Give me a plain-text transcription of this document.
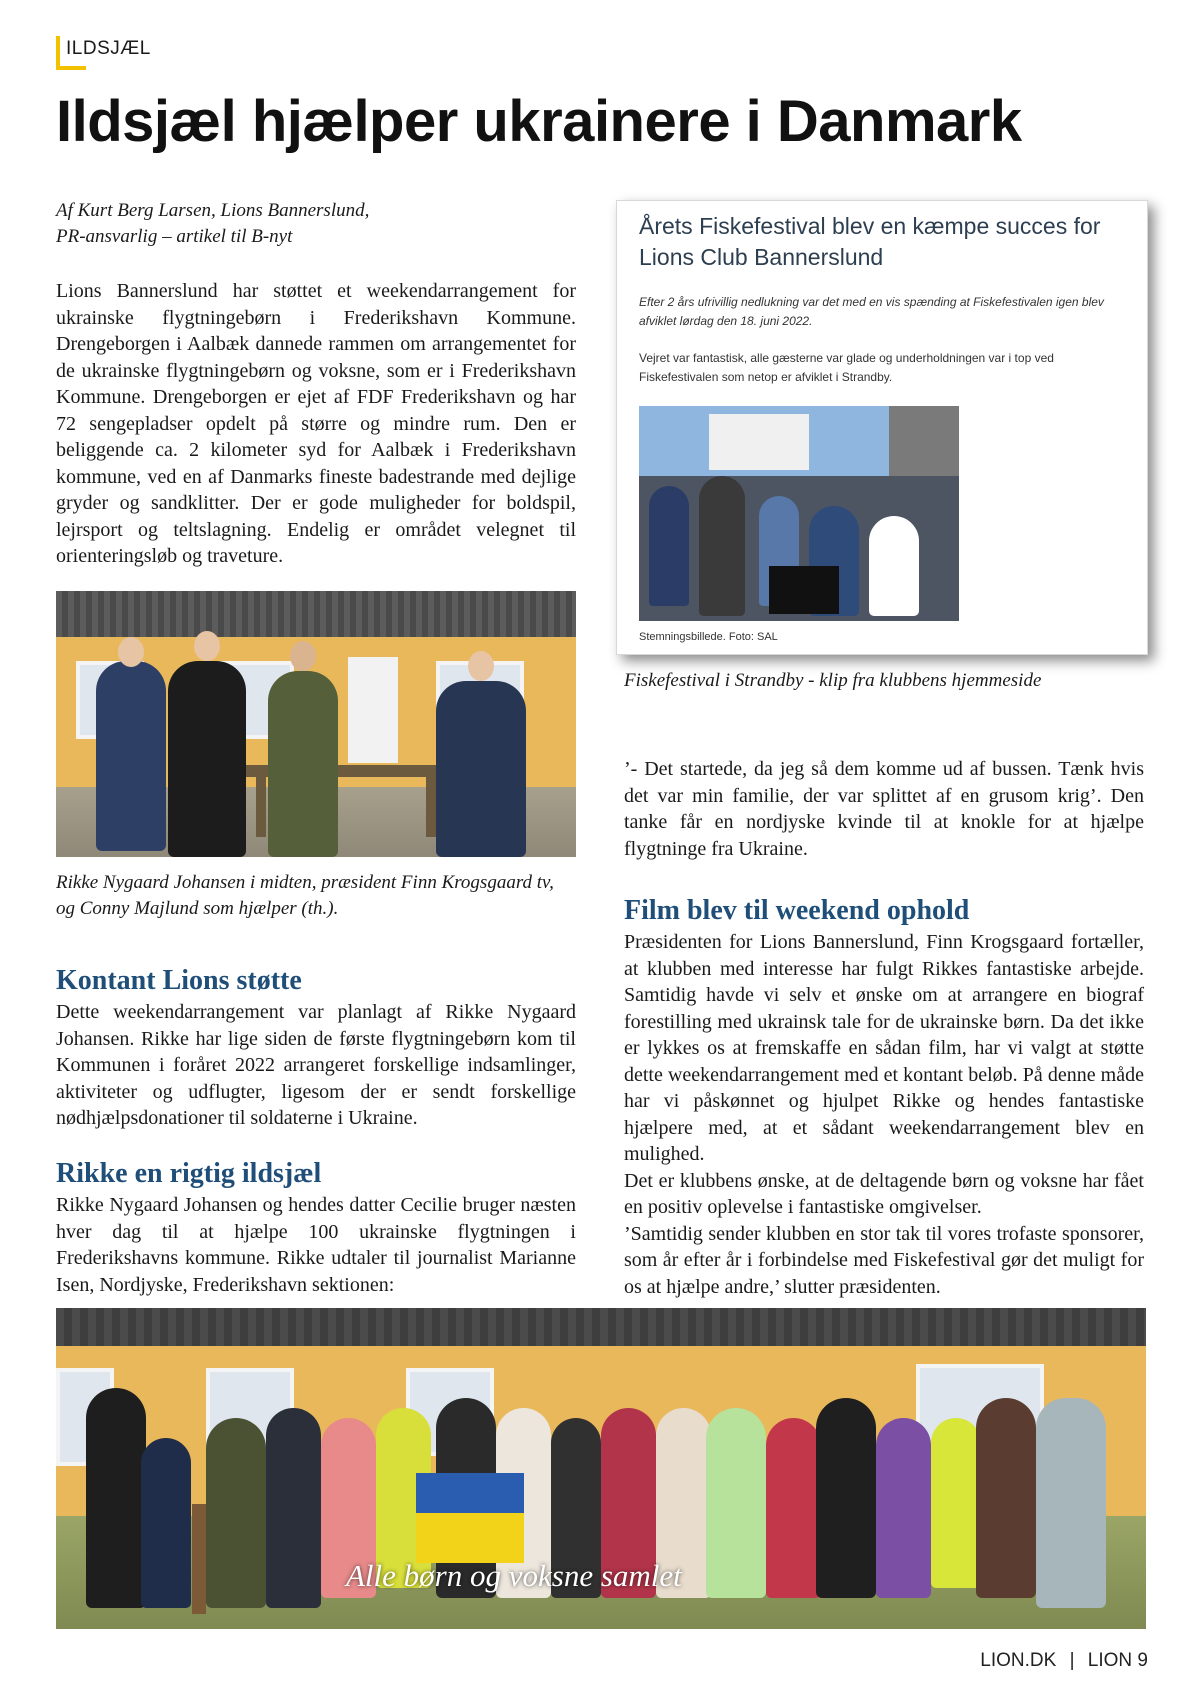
ILDSJÆL
Ildsjæl hjælper ukrainere i Danmark
Af Kurt Berg Larsen, Lions Bannerslund,
PR-ansvarlig – artikel til B-nyt

Lions Bannerslund har støttet et weekendarrangement for ukrainske flygtningebørn i Frederikshavn Kommune. Drengeborgen i Aalbæk dannede rammen om arrangementet for de ukrainske flygtningebørn og voksne, som er i Frederikshavn Kommune. Drengeborgen er ejet af FDF Frederikshavn og har 72 sengepladser opdelt på større og mindre rum. Den er beliggende ca. 2 kilometer syd for Aalbæk i Frederikshavn kommune, ved en af Danmarks fineste badestrande med dejlige gryder og sandklitter. Der er gode muligheder for boldspil, lejrsport og teltslagning. Endelig er området velegnet til orienteringsløb og traveture.

Rikke Nygaard Johansen i midten, præsident Finn Krogsgaard tv, og Conny Majlund som hjælper (th.).
Kontant Lions støtte

Dette weekendarrangement var planlagt af Rikke Nygaard Johansen. Rikke har lige siden de første flygtningebørn kom til Kommunen i foråret 2022 arrangeret forskellige indsamlinger, aktiviteter og udflugter, ligesom der er sendt forskellige nødhjælpsdonationer til soldaterne i Ukraine.

Rikke en rigtig ildsjæl

Rikke Nygaard Johansen og hendes datter Cecilie bruger næsten hver dag til at hjælpe 100 ukrainske flygtningen i Frederikshavns kommune. Rikke udtaler til journalist Marianne Isen, Nordjyske, Frederikshavn sektionen:

Årets Fiskefestival blev en kæmpe succes for Lions Club Bannerslund
Efter 2 års ufrivillig nedlukning var det med en vis spænding at Fiskefestivalen igen blev afviklet lørdag den 18. juni 2022.
Vejret var fantastisk, alle gæsterne var glade og underholdningen var i top ved Fiskefestivalen som netop er afviklet i Strandby.
Stemningsbillede. Foto: SAL
Fiskefestival i Strandby - klip fra klubbens hjemmeside

’- Det startede, da jeg så dem komme ud af bussen. Tænk hvis det var min familie, der var splittet af en grusom krig’. Den tanke får en nordjyske kvinde til at knokle for at hjælpe flygtninge fra Ukraine.

Film blev til weekend ophold

Præsidenten for Lions Bannerslund, Finn Krogsgaard fortæller, at klubben med interesse har fulgt Rikkes fantastiske arbejde. Samtidig havde vi selv et ønske om at arrangere en biograf forestilling med ukrainsk tale for de ukrainske børn. Da det ikke er lykkes os at fremskaffe en sådan film, har vi valgt at støtte dette weekendarrangement med et kontant beløb. På denne måde har vi påskønnet og hjulpet Rikke og hendes fantastiske hjælpere med, at et sådant weekendarrangement blev en mulighed.

Det er klubbens ønske, at de deltagende børn og voksne har fået en positiv oplevelse i fantastiske omgivelser.

’Samtidig sender klubben en stor tak til vores trofaste sponsorer, som år efter år i forbindelse med Fiskefestival gør det muligt for os at hjælpe andre,’ slutter præsidenten.

Alle børn og voksne samlet
LION.DK | LION 9
